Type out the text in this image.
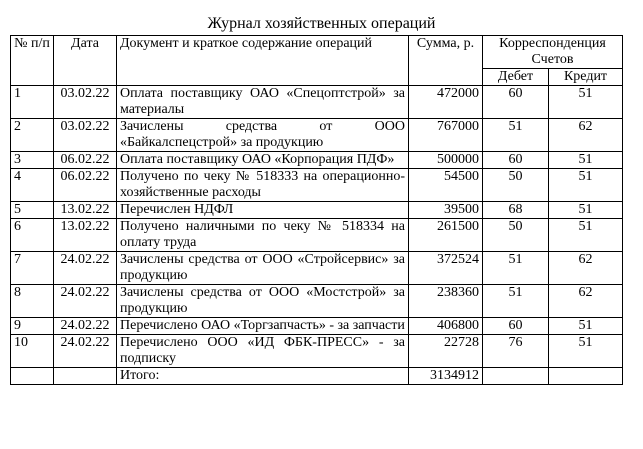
Журнал хозяйственных операций
№ п/п	Дата	Документ и краткое содержание операций	Сумма, р.	Корреспонденция Счетов	
				Дебет	Кредит
1	03.02.22	Оплата поставщику ОАО «Спецоптстрой» за материалы	472000	60	51
2	03.02.22	Зачислены средства от ООО «Байкалспецстрой» за продукцию	767000	51	62
3	06.02.22	Оплата поставщику ОАО «Корпорация ПДФ»	500000	60	51
4	06.02.22	Получено по чеку № 518333 на операционно-хозяйственные расходы	54500	50	51
5	13.02.22	Перечислен НДФЛ	39500	68	51
6	13.02.22	Получено наличными по чеку № 518334 на оплату труда	261500	50	51
7	24.02.22	Зачислены средства от ООО «Стройсервис» за продукцию	372524	51	62
8	24.02.22	Зачислены средства от ООО «Мостстрой» за продукцию	238360	51	62
9	24.02.22	Перечислено ОАО «Торгзапчасть» - за запчасти	406800	60	51
10	24.02.22	Перечислено ООО «ИД ФБК-ПРЕСС» - за подписку	22728	76	51
		Итого:	3134912		
